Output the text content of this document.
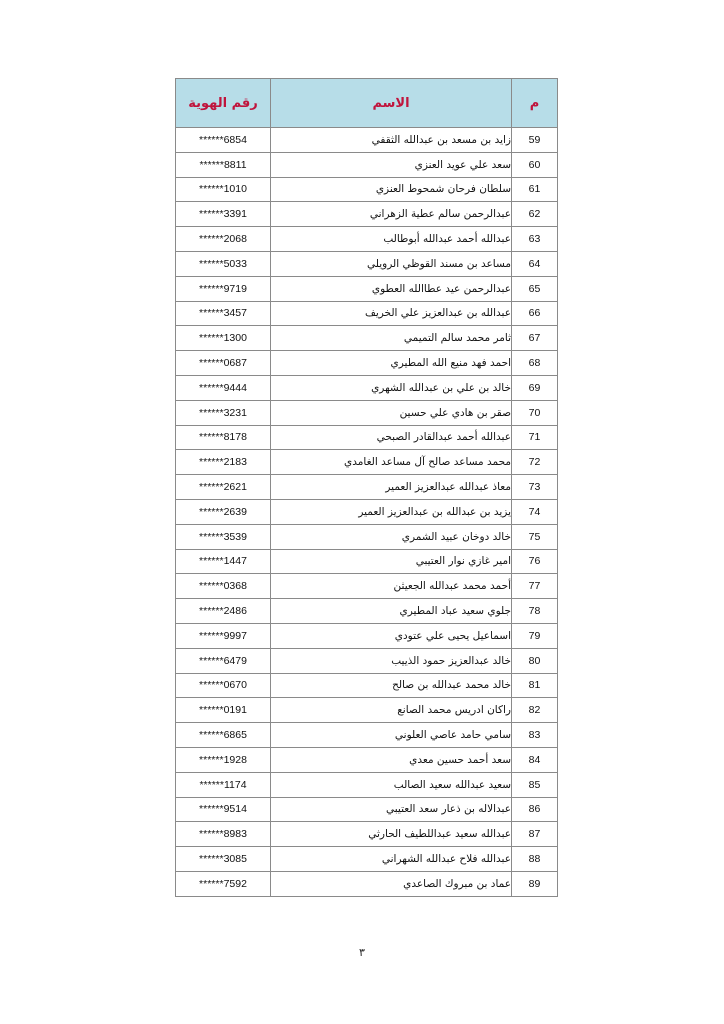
م	الاسم	رقم الهوية
59	زايد بن مسعد بن عبدالله الثقفي	******6854
60	سعد علي عويد العنزي	******8811
61	سلطان فرحان شمحوط العنزي	******1010
62	عبدالرحمن سالم عطية الزهراني	******3391
63	عبدالله أحمد عبدالله أبوطالب	******2068
64	مساعد بن مسند القوظي الرويلي	******5033
65	عبدالرحمن عيد عطاالله العطوي	******9719
66	عبدالله بن عبدالعزيز علي الخريف	******3457
67	ثامر محمد سالم التميمي	******1300
68	احمد فهد منيع الله المطيري	******0687
69	خالد بن علي بن عبدالله الشهري	******9444
70	صقر بن هادي علي حسين	******3231
71	عبدالله أحمد عبدالقادر الصبحي	******8178
72	محمد مساعد صالح آل مساعد الغامدي	******2183
73	معاذ عبدالله عبدالعزيز العمير	******2621
74	يزيد بن عبدالله بن عبدالعزيز العمير	******2639
75	خالد دوخان عبيد الشمري	******3539
76	امير غازي نوار العتيبي	******1447
77	أحمد محمد عبدالله الجعيثن	******0368
78	جلوي سعيد عباد المطيري	******2486
79	اسماعيل يحيى علي عتودي	******9997
80	خالد عبدالعزيز حمود الذييب	******6479
81	خالد محمد عبدالله بن صالح	******0670
82	راكان ادريس محمد الصانع	******0191
83	سامي حامد عاصي العلوني	******6865
84	سعد أحمد حسين معدي	******1928
85	سعيد عبدالله سعيد الصالب	******1174
86	عبدالاله بن ذعار سعد العتيبي	******9514
87	عبدالله سعيد عبداللطيف الحارثي	******8983
88	عبدالله فلاح عبدالله الشهراني	******3085
89	عماد بن مبروك الصاعدي	******7592
٣
